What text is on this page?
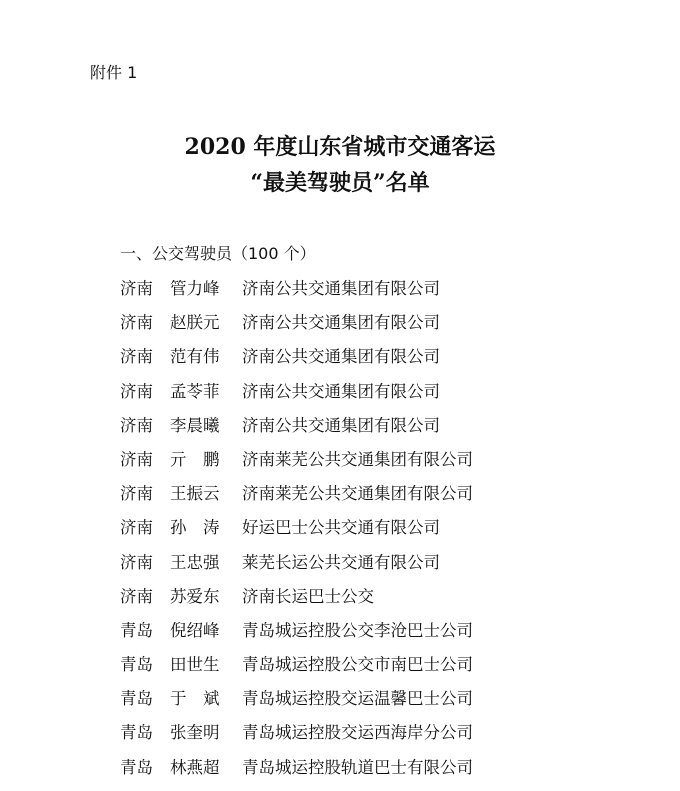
附件 1
2020 年度山东省城市交通客运
“最美驾驶员”名单
一、公交驾驶员（100 个）
济南	管力峰	济南公共交通集团有限公司
济南	赵朕元	济南公共交通集团有限公司
济南	范有伟	济南公共交通集团有限公司
济南	孟苓菲	济南公共交通集团有限公司
济南	李晨曦	济南公共交通集团有限公司
济南	亓　鹏	济南莱芜公共交通集团有限公司
济南	王振云	济南莱芜公共交通集团有限公司
济南	孙　涛	好运巴士公共交通有限公司
济南	王忠强	莱芜长运公共交通有限公司
济南	苏爱东	济南长运巴士公交
青岛	倪绍峰	青岛城运控股公交李沧巴士公司
青岛	田世生	青岛城运控股公交市南巴士公司
青岛	于　斌	青岛城运控股交运温馨巴士公司
青岛	张奎明	青岛城运控股交运西海岸分公司
青岛	林燕超	青岛城运控股轨道巴士有限公司
